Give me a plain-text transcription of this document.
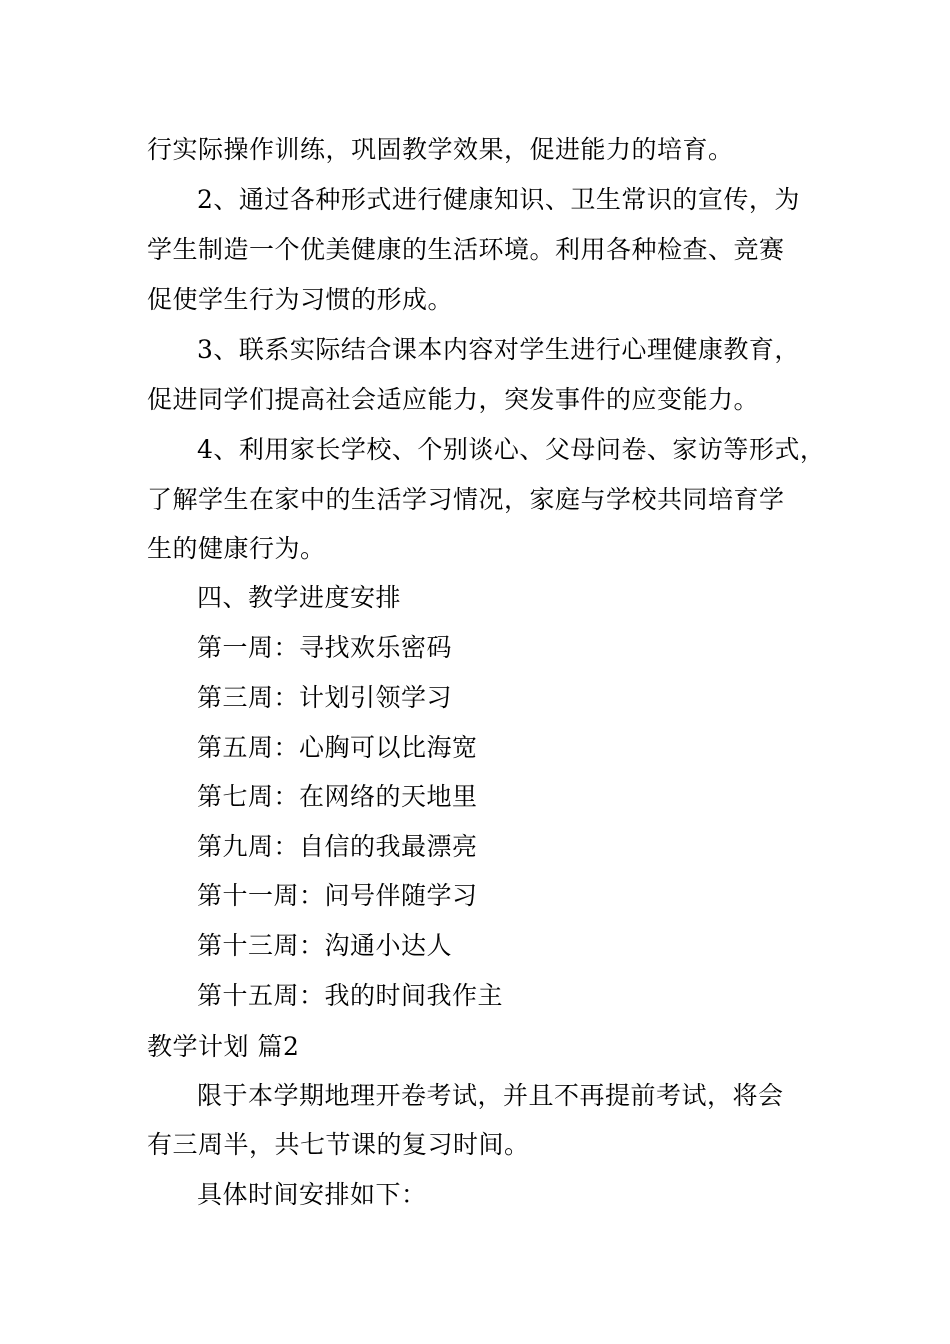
行实际操作训练，巩固教学效果，促进能力的培育。
2、通过各种形式进行健康知识、卫生常识的宣传，为
学生制造一个优美健康的生活环境。利用各种检查、竞赛
促使学生行为习惯的形成。
3、联系实际结合课本内容对学生进行心理健康教育，
促进同学们提高社会适应能力，突发事件的应变能力。
4、利用家长学校、个别谈心、父母问卷、家访等形式，
了解学生在家中的生活学习情况，家庭与学校共同培育学
生的健康行为。
四、教学进度安排
第一周：寻找欢乐密码
第三周：计划引领学习
第五周：心胸可以比海宽
第七周：在网络的天地里
第九周：自信的我最漂亮
第十一周：问号伴随学习
第十三周：沟通小达人
第十五周：我的时间我作主
教学计划 篇2
限于本学期地理开卷考试，并且不再提前考试，将会
有三周半，共七节课的复习时间。
具体时间安排如下：
